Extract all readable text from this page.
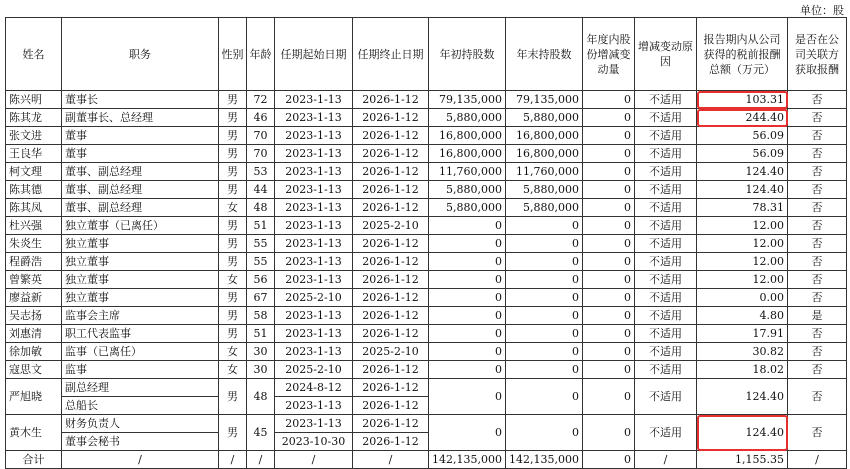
单位：股
姓名	职务	性别	年龄	任期起始日期	任期终止日期	年初持股数	年末持股数	年度内股份增减变动量	增减变动原因	报告期内从公司获得的税前报酬总额（万元）	是否在公司关联方获取报酬
陈兴明	董事长	男	72	2023-1-13	2026-1-12	79,135,000	79,135,000	0	不适用	103.31	否
陈其龙	副董事长、总经理	男	46	2023-1-13	2026-1-12	5,880,000	5,880,000	0	不适用	244.40	否
张文进	董事	男	70	2023-1-13	2026-1-12	16,800,000	16,800,000	0	不适用	56.09	否
王良华	董事	男	70	2023-1-13	2026-1-12	16,800,000	16,800,000	0	不适用	56.09	否
柯文理	董事、副总经理	男	53	2023-1-13	2026-1-12	11,760,000	11,760,000	0	不适用	124.40	否
陈其德	董事、副总经理	男	44	2023-1-13	2026-1-12	5,880,000	5,880,000	0	不适用	124.40	否
陈其凤	董事、副总经理	女	48	2023-1-13	2026-1-12	5,880,000	5,880,000	0	不适用	78.31	否
杜兴强	独立董事（已离任）	男	51	2023-1-13	2025-2-10	0	0	0	不适用	12.00	否
朱炎生	独立董事	男	55	2023-1-13	2026-1-12	0	0	0	不适用	12.00	否
程爵浩	独立董事	男	55	2023-1-13	2026-1-12	0	0	0	不适用	12.00	否
曾繁英	独立董事	女	56	2023-1-13	2026-1-12	0	0	0	不适用	12.00	否
廖益新	独立董事	男	67	2025-2-10	2026-1-12	0	0	0	不适用	0.00	否
吴志扬	监事会主席	男	58	2023-1-13	2026-1-12	0	0	0	不适用	4.80	是
刘惠清	职工代表监事	男	51	2023-1-13	2026-1-12	0	0	0	不适用	17.91	否
徐加敏	监事（已离任）	女	30	2023-1-13	2025-2-10	0	0	0	不适用	30.82	否
寇思文	监事	女	30	2025-2-10	2026-1-12	0	0	0	不适用	18.02	否
严旭晓	副总经理	男	48	2024-8-12	2026-1-12	0	0	0	不适用	124.40	否
	总船长			2023-1-13	2026-1-12						
黄木生	财务负责人	男	45	2023-1-13	2026-1-12	0	0	0	不适用	124.40	否
	董事会秘书			2023-10-30	2026-1-12						
合计	/	/	/	/	/	142,135,000	142,135,000	0	/	1,155.35	/
